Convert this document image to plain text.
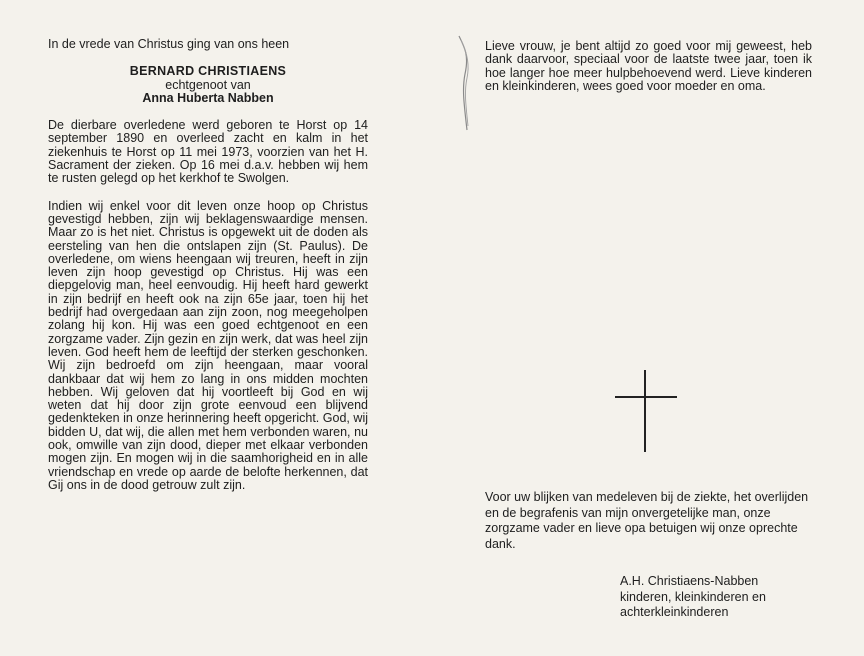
In de vrede van Christus ging van ons heen

BERNARD CHRISTIAENS

echtgenoot van

Anna Huberta Nabben

De dierbare overledene werd geboren te Horst op 14 september 1890 en overleed zacht en kalm in het ziekenhuis te Horst op 11 mei 1973, voorzien van het H. Sacrament der zieken. Op 16 mei d.a.v. hebben wij hem te rusten gelegd op het kerkhof te Swolgen.

Indien wij enkel voor dit leven onze hoop op Christus gevestigd hebben, zijn wij beklagenswaardige mensen. Maar zo is het niet. Christus is opgewekt uit de doden als eersteling van hen die ontslapen zijn (St. Paulus). De overledene, om wiens heengaan wij treuren, heeft in zijn leven zijn hoop gevestigd op Christus. Hij was een diepgelovig man, heel eenvoudig. Hij heeft hard gewerkt in zijn bedrijf en heeft ook na zijn 65e jaar, toen hij het bedrijf had overgedaan aan zijn zoon, nog meegeholpen zolang hij kon. Hij was een goed echtgenoot en een zorgzame vader. Zijn gezin en zijn werk, dat was heel zijn leven. God heeft hem de leeftijd der sterken geschonken. Wij zijn bedroefd om zijn heengaan, maar vooral dankbaar dat wij hem zo lang in ons midden mochten hebben. Wij geloven dat hij voortleeft bij God en wij weten dat hij door zijn grote eenvoud een blijvend gedenkteken in onze herinnering heeft opgericht. God, wij bidden U, dat wij, die allen met hem verbonden waren, nu ook, omwille van zijn dood, dieper met elkaar verbonden mogen zijn. En mogen wij in die saamhorigheid en in alle vriendschap en vrede op aarde de belofte herkennen, dat Gij ons in de dood getrouw zult zijn.

Lieve vrouw, je bent altijd zo goed voor mij geweest, heb dank daarvoor, speciaal voor de laatste twee jaar, toen ik hoe langer hoe meer hulpbehoevend werd. Lieve kinderen en kleinkinderen, wees goed voor moeder en oma.

Voor uw blijken van medeleven bij de ziekte, het overlijden en de begrafenis van mijn onvergetelijke man, onze zorgzame vader en lieve opa betuigen wij onze oprechte dank.

A.H. Christiaens-Nabben
kinderen, kleinkinderen en
achterkleinkinderen
